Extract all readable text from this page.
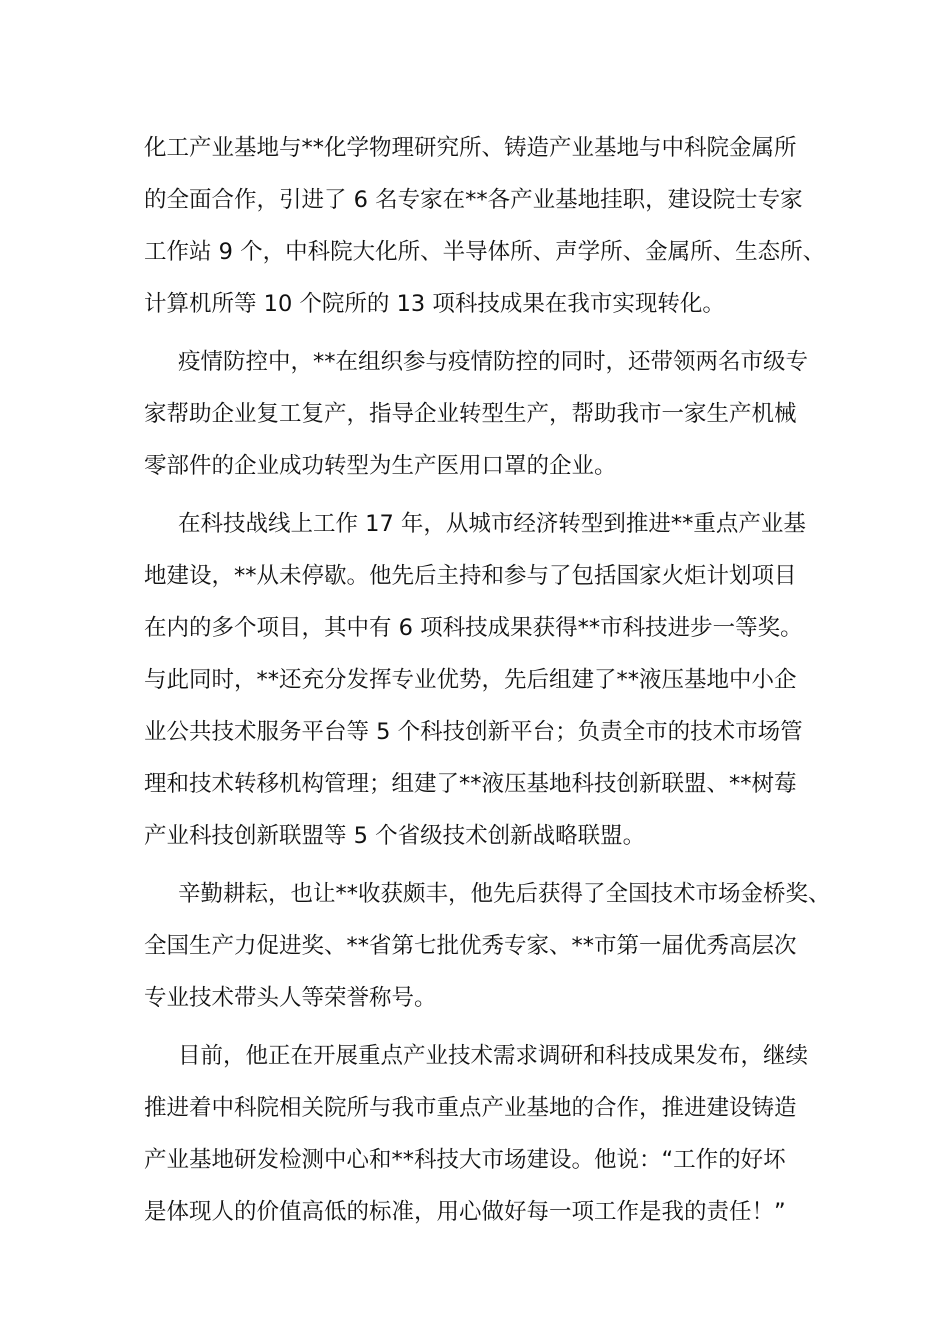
化工产业基地与**化学物理研究所、铸造产业基地与中科院金属所
的全面合作，引进了 6 名专家在**各产业基地挂职，建设院士专家
工作站 9 个，中科院大化所、半导体所、声学所、金属所、生态所、
计算机所等 10 个院所的 13 项科技成果在我市实现转化。
疫情防控中，**在组织参与疫情防控的同时，还带领两名市级专
家帮助企业复工复产，指导企业转型生产，帮助我市一家生产机械
零部件的企业成功转型为生产医用口罩的企业。
在科技战线上工作 17 年，从城市经济转型到推进**重点产业基
地建设，**从未停歇。他先后主持和参与了包括国家火炬计划项目
在内的多个项目，其中有 6 项科技成果获得**市科技进步一等奖。
与此同时，**还充分发挥专业优势，先后组建了**液压基地中小企
业公共技术服务平台等 5 个科技创新平台；负责全市的技术市场管
理和技术转移机构管理；组建了**液压基地科技创新联盟、**树莓
产业科技创新联盟等 5 个省级技术创新战略联盟。
辛勤耕耘，也让**收获颇丰，他先后获得了全国技术市场金桥奖、
全国生产力促进奖、**省第七批优秀专家、**市第一届优秀高层次
专业技术带头人等荣誉称号。
目前，他正在开展重点产业技术需求调研和科技成果发布，继续
推进着中科院相关院所与我市重点产业基地的合作，推进建设铸造
产业基地研发检测中心和**科技大市场建设。他说：“工作的好坏
是体现人的价值高低的标准，用心做好每一项工作是我的责任！”
